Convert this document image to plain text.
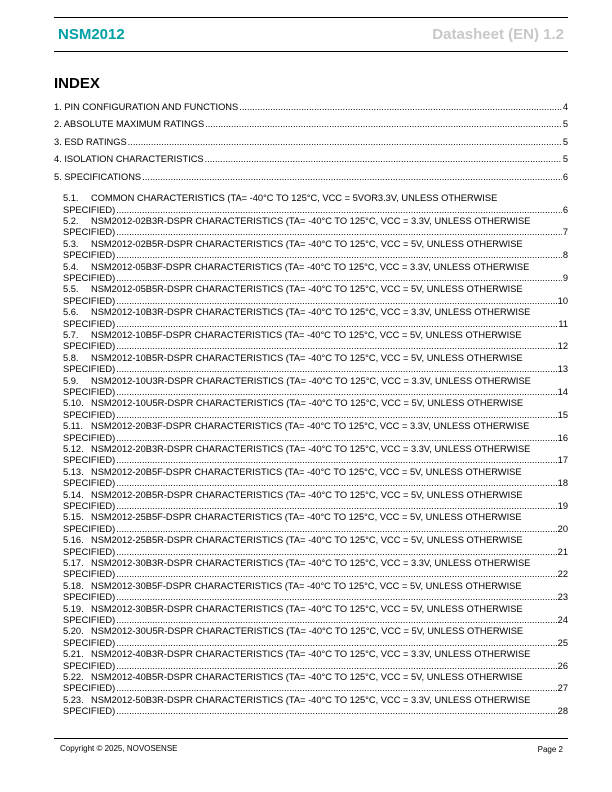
NSM2012	Datasheet (EN) 1.2
INDEX
1. PIN CONFIGURATION AND FUNCTIONS .....	4
2. ABSOLUTE MAXIMUM RATINGS .....	5
3. ESD RATINGS .....	5
4. ISOLATION CHARACTERISTICS .....	5
5. SPECIFICATIONS .....	6
5.1. COMMON CHARACTERISTICS (TA= -40°C TO 125°C, VCC = 5VOR3.3V, UNLESS OTHERWISE
SPECIFIED) .....	6
5.2. NSM2012-02B3R-DSPR CHARACTERISTICS (TA= -40°C TO 125°C, VCC = 3.3V, UNLESS OTHERWISE
SPECIFIED) .....	7
5.3. NSM2012-02B5R-DSPR CHARACTERISTICS (TA= -40°C TO 125°C, VCC = 5V, UNLESS OTHERWISE
SPECIFIED) .....	8
5.4. NSM2012-05B3F-DSPR CHARACTERISTICS (TA= -40°C TO 125°C, VCC = 3.3V, UNLESS OTHERWISE
SPECIFIED) .....	9
5.5. NSM2012-05B5R-DSPR CHARACTERISTICS (TA= -40°C TO 125°C, VCC = 5V, UNLESS OTHERWISE
SPECIFIED) .....	10
5.6. NSM2012-10B3R-DSPR CHARACTERISTICS (TA= -40°C TO 125°C, VCC = 3.3V, UNLESS OTHERWISE
SPECIFIED) .....	11
5.7. NSM2012-10B5F-DSPR CHARACTERISTICS (TA= -40°C TO 125°C, VCC = 5V, UNLESS OTHERWISE
SPECIFIED) .....	12
5.8. NSM2012-10B5R-DSPR CHARACTERISTICS (TA= -40°C TO 125°C, VCC = 5V, UNLESS OTHERWISE
SPECIFIED) .....	13
5.9. NSM2012-10U3R-DSPR CHARACTERISTICS (TA= -40°C TO 125°C, VCC = 3.3V, UNLESS OTHERWISE
SPECIFIED) .....	14
5.10. NSM2012-10U5R-DSPR CHARACTERISTICS (TA= -40°C TO 125°C, VCC = 5V, UNLESS OTHERWISE
SPECIFIED) .....	15
5.11. NSM2012-20B3F-DSPR CHARACTERISTICS (TA= -40°C TO 125°C, VCC = 3.3V, UNLESS OTHERWISE
SPECIFIED) .....	16
5.12. NSM2012-20B3R-DSPR CHARACTERISTICS (TA= -40°C TO 125°C, VCC = 3.3V, UNLESS OTHERWISE
SPECIFIED) .....	17
5.13. NSM2012-20B5F-DSPR CHARACTERISTICS (TA= -40°C TO 125°C, VCC = 5V, UNLESS OTHERWISE
SPECIFIED) .....	18
5.14. NSM2012-20B5R-DSPR CHARACTERISTICS (TA= -40°C TO 125°C, VCC = 5V, UNLESS OTHERWISE
SPECIFIED) .....	19
5.15. NSM2012-25B5F-DSPR CHARACTERISTICS (TA= -40°C TO 125°C, VCC = 5V, UNLESS OTHERWISE
SPECIFIED) .....	20
5.16. NSM2012-25B5R-DSPR CHARACTERISTICS (TA= -40°C TO 125°C, VCC = 5V, UNLESS OTHERWISE
SPECIFIED) .....	21
5.17. NSM2012-30B3R-DSPR CHARACTERISTICS (TA= -40°C TO 125°C, VCC = 3.3V, UNLESS OTHERWISE
SPECIFIED) .....	22
5.18. NSM2012-30B5F-DSPR CHARACTERISTICS (TA= -40°C TO 125°C, VCC = 5V, UNLESS OTHERWISE
SPECIFIED) .....	23
5.19. NSM2012-30B5R-DSPR CHARACTERISTICS (TA= -40°C TO 125°C, VCC = 5V, UNLESS OTHERWISE
SPECIFIED) .....	24
5.20. NSM2012-30U5R-DSPR CHARACTERISTICS (TA= -40°C TO 125°C, VCC = 5V, UNLESS OTHERWISE
SPECIFIED) .....	25
5.21. NSM2012-40B3R-DSPR CHARACTERISTICS (TA= -40°C TO 125°C, VCC = 3.3V, UNLESS OTHERWISE
SPECIFIED) .....	26
5.22. NSM2012-40B5R-DSPR CHARACTERISTICS (TA= -40°C TO 125°C, VCC = 5V, UNLESS OTHERWISE
SPECIFIED) .....	27
5.23. NSM2012-50B3R-DSPR CHARACTERISTICS (TA= -40°C TO 125°C, VCC = 3.3V, UNLESS OTHERWISE
SPECIFIED) .....	28
Copyright © 2025, NOVOSENSE	Page 2
